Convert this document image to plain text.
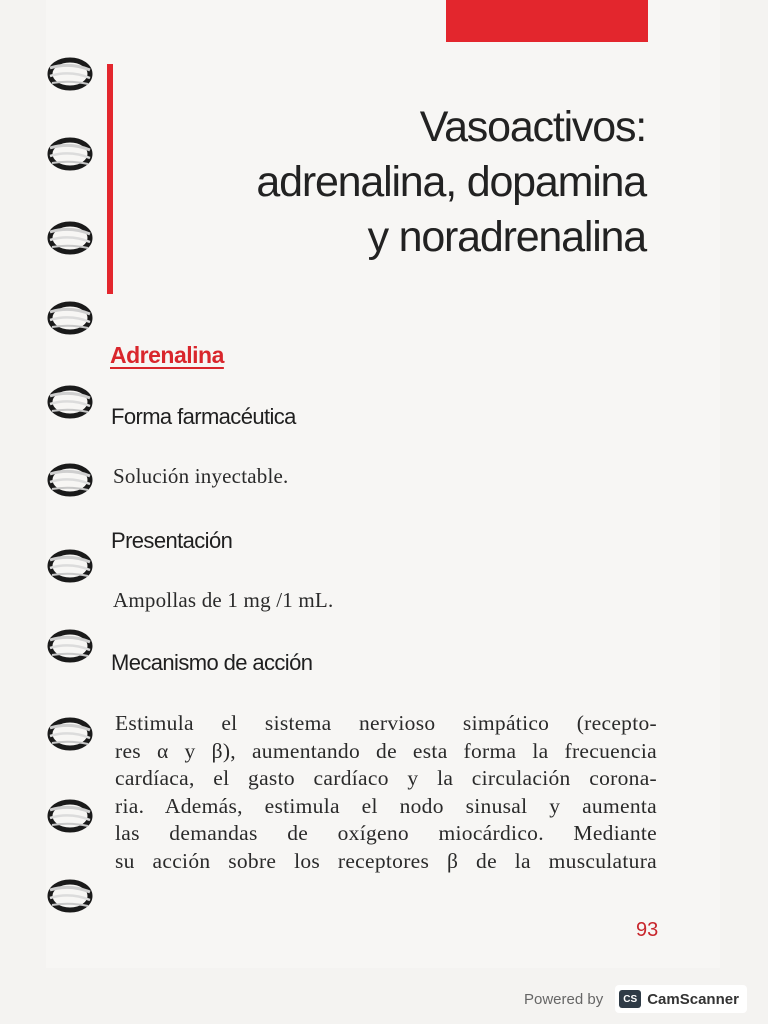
Vasoactivos:
adrenalina, dopamina
y noradrenalina
Adrenalina
Forma farmacéutica
Solución inyectable.
Presentación
Ampollas de 1 mg /1 mL.
Mecanismo de acción
Estimula el sistema nervioso simpático (recepto-
res α y β), aumentando de esta forma la frecuencia
cardíaca, el gasto cardíaco y la circulación corona-
ria. Además, estimula el nodo sinusal y aumenta
las demandas de oxígeno miocárdico. Mediante
su acción sobre los receptores β de la musculatura
93
Powered by	CS CamScanner
